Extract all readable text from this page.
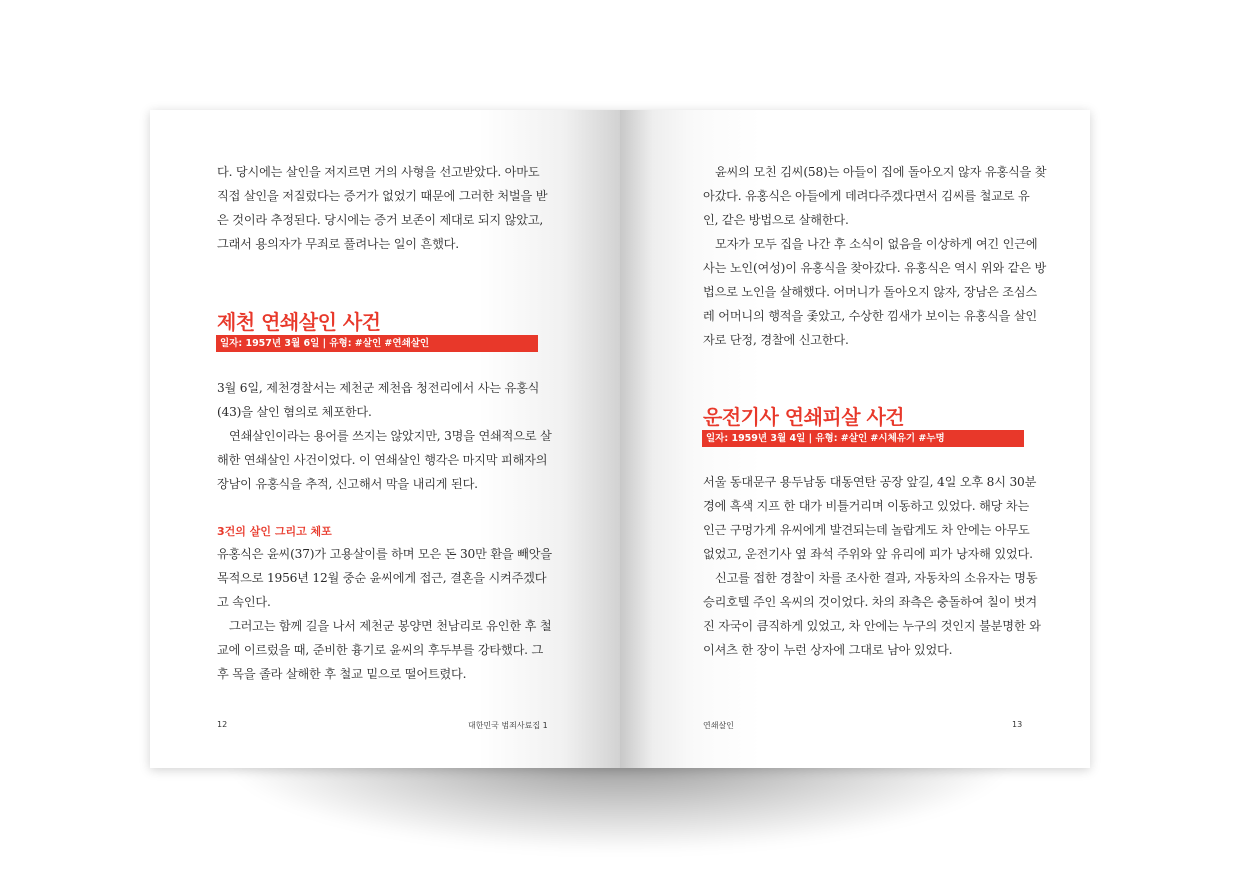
다. 당시에는 살인을 저지르면 거의 사형을 선고받았다. 아마도
직접 살인을 저질렀다는 증거가 없었기 때문에 그러한 처벌을 받
은 것이라 추정된다. 당시에는 증거 보존이 제대로 되지 않았고,
그래서 용의자가 무죄로 풀려나는 일이 흔했다.
제천 연쇄살인 사건
일자: 1957년 3월 6일 | 유형: #살인 #연쇄살인
3월 6일, 제천경찰서는 제천군 제천읍 청전리에서 사는 유홍식
(43)을 살인 혐의로 체포한다.
연쇄살인이라는 용어를 쓰지는 않았지만, 3명을 연쇄적으로 살
해한 연쇄살인 사건이었다. 이 연쇄살인 행각은 마지막 피해자의
장남이 유홍식을 추적, 신고해서 막을 내리게 된다.
3건의 살인 그리고 체포
유홍식은 윤씨(37)가 고용살이를 하며 모은 돈 30만 환을 빼앗을
목적으로 1956년 12월 중순 윤씨에게 접근, 결혼을 시켜주겠다
고 속인다.
그러고는 함께 길을 나서 제천군 봉양면 천남리로 유인한 후 철
교에 이르렀을 때, 준비한 흉기로 윤씨의 후두부를 강타했다. 그
후 목을 졸라 살해한 후 철교 밑으로 떨어트렸다.
12	대한민국 범죄사료집 1
윤씨의 모친 김씨(58)는 아들이 집에 돌아오지 않자 유홍식을 찾
아갔다. 유홍식은 아들에게 데려다주겠다면서 김씨를 철교로 유
인, 같은 방법으로 살해한다.
모자가 모두 집을 나간 후 소식이 없음을 이상하게 여긴 인근에
사는 노인(여성)이 유홍식을 찾아갔다. 유홍식은 역시 위와 같은 방
법으로 노인을 살해했다. 어머니가 돌아오지 않자, 장남은 조심스
레 어머니의 행적을 좇았고, 수상한 낌새가 보이는 유홍식을 살인
자로 단정, 경찰에 신고한다.
운전기사 연쇄피살 사건
일자: 1959년 3월 4일 | 유형: #살인 #시체유기 #누명
서울 동대문구 용두남동 대동연탄 공장 앞길, 4일 오후 8시 30분
경에 흑색 지프 한 대가 비틀거리며 이동하고 있었다. 해당 차는
인근 구멍가게 유씨에게 발견되는데 놀랍게도 차 안에는 아무도
없었고, 운전기사 옆 좌석 주위와 앞 유리에 피가 낭자해 있었다.
신고를 접한 경찰이 차를 조사한 결과, 자동차의 소유자는 명동
승리호텔 주인 옥씨의 것이었다. 차의 좌측은 충돌하여 칠이 벗겨
진 자국이 큼직하게 있었고, 차 안에는 누구의 것인지 불분명한 와
이셔츠 한 장이 누런 상자에 그대로 남아 있었다.
연쇄살인	13
